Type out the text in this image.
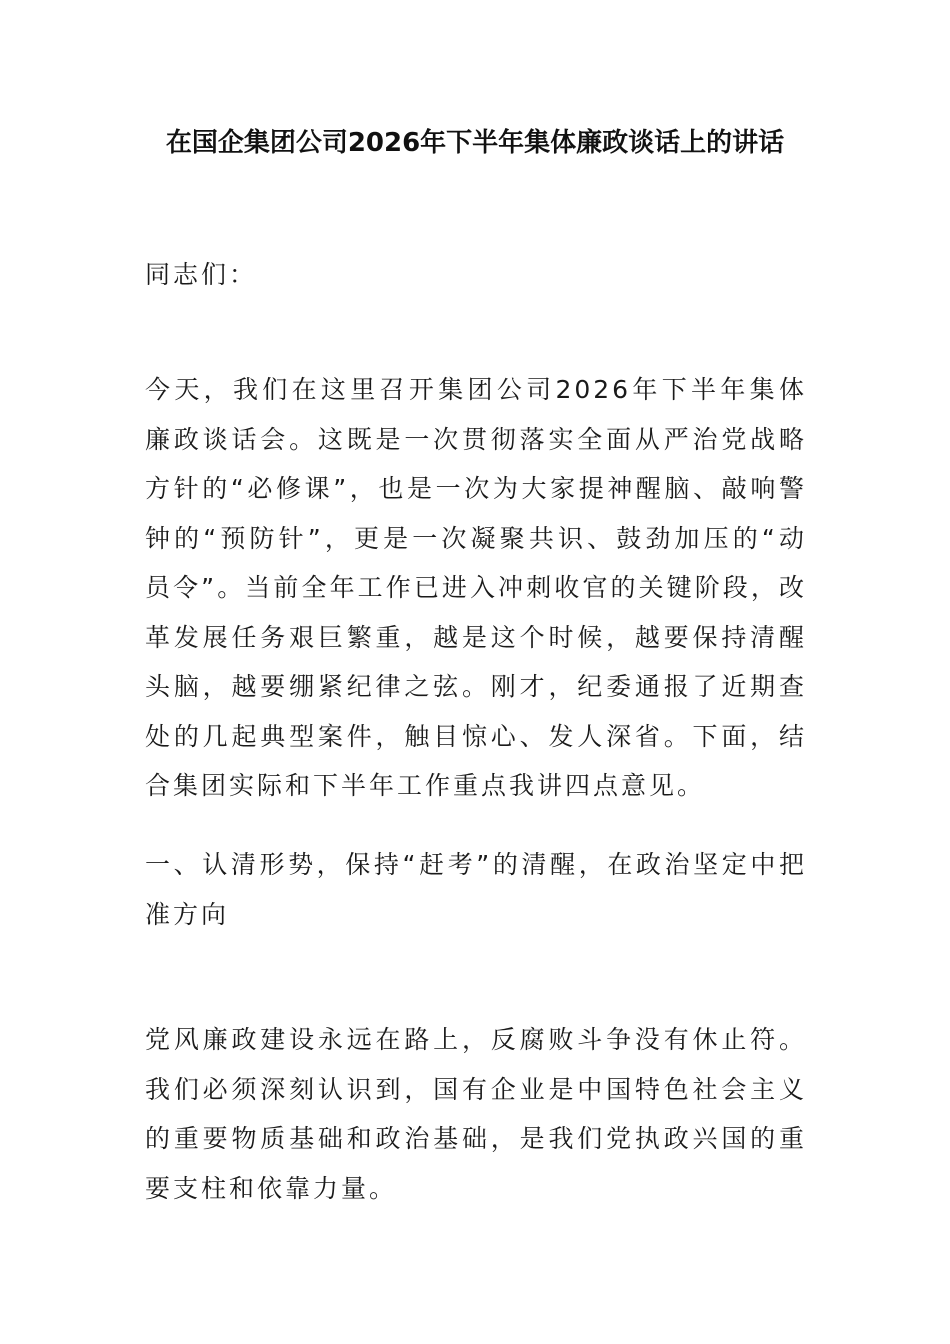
在国企集团公司2026年下半年集体廉政谈话上的讲话

同志们：

今天，我们在这里召开集团公司2026年下半年集体廉政谈话会。这既是一次贯彻落实全面从严治党战略方针的“必修课”，也是一次为大家提神醒脑、敲响警钟的“预防针”，更是一次凝聚共识、鼓劲加压的“动员令”。当前全年工作已进入冲刺收官的关键阶段，改革发展任务艰巨繁重，越是这个时候，越要保持清醒头脑，越要绷紧纪律之弦。刚才，纪委通报了近期查处的几起典型案件，触目惊心、发人深省。下面，结合集团实际和下半年工作重点我讲四点意见。

一、认清形势，保持“赶考”的清醒，在政治坚定中把准方向

党风廉政建设永远在路上，反腐败斗争没有休止符。我们必须深刻认识到，国有企业是中国特色社会主义的重要物质基础和政治基础，是我们党执政兴国的重要支柱和依靠力量。
